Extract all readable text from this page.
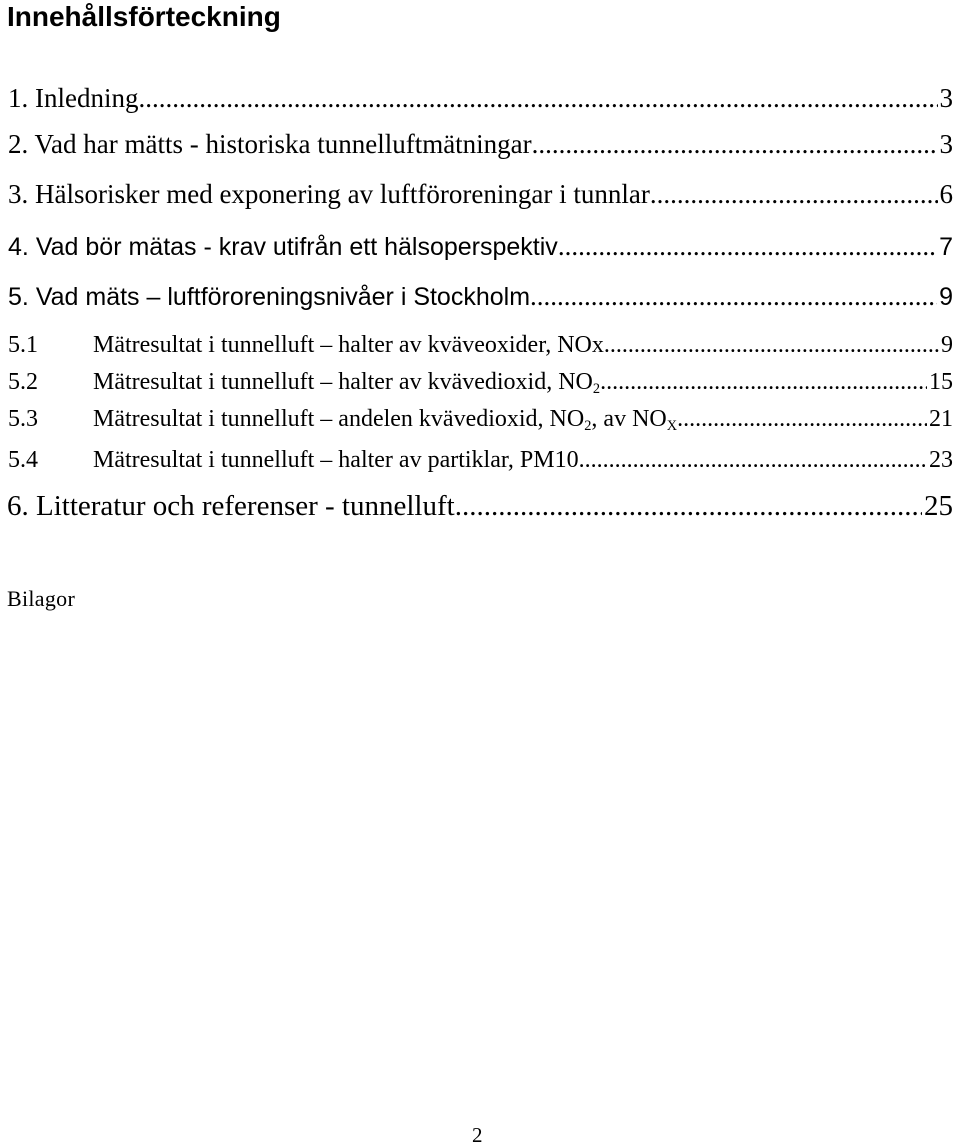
Innehållsförteckning
1. Inledning .....	3
2. Vad har mätts - historiska tunnelluftmätningar .....	3
3. Hälsorisker med exponering av luftföroreningar i tunnlar .....	6
4. Vad bör mätas - krav utifrån ett hälsoperspektiv .....	7
5. Vad mäts – luftföroreningsnivåer i Stockholm .....	9
5.1	Mätresultat i tunnelluft – halter av kväveoxider, NOx .....	9
5.2	Mätresultat i tunnelluft – halter av kvävedioxid, $NO_2$ .....	15
5.3	Mätresultat i tunnelluft – andelen kvävedioxid, $NO_2$, av $NO_X$ .....	21
5.4	Mätresultat i tunnelluft – halter av partiklar, PM10 .....	23
6. Litteratur och referenser - tunnelluft .....	25
Bilagor
2
